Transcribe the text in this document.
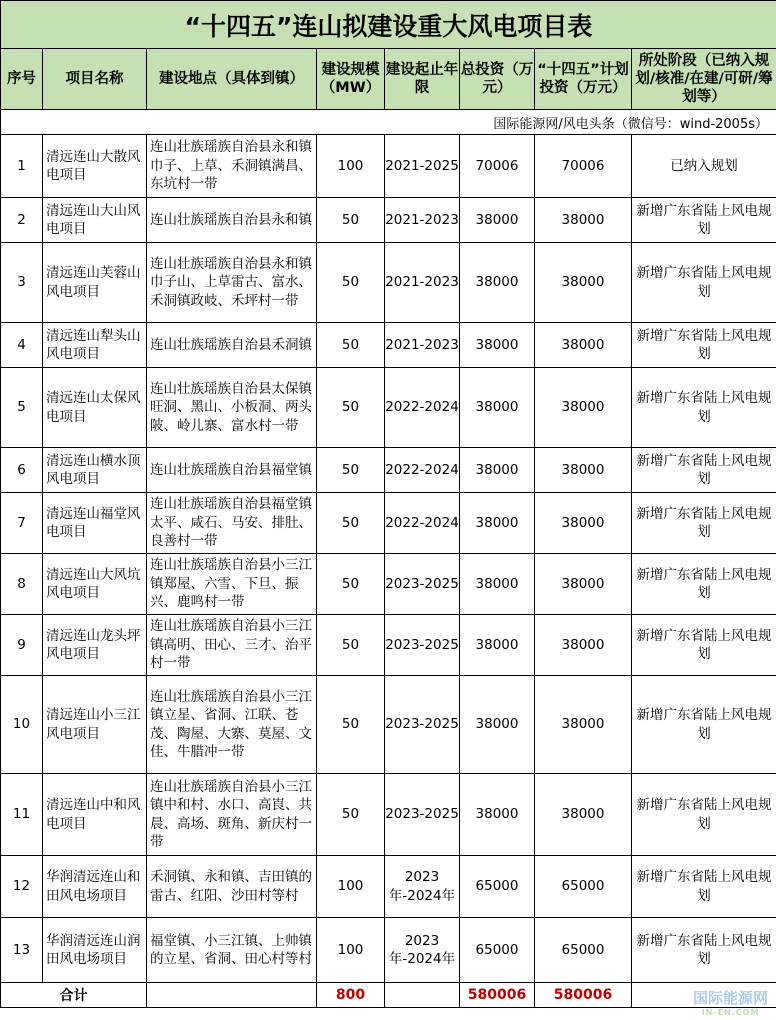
“十四五”连山拟建设重大风电项目表							
序号	项目名称	建设地点（具体到镇）	建设规模（MW）	建设起止年限	总投资（万元）	“十四五”计划投资（万元）	所处阶段（已纳入规划/核准/在建/可研/筹划等）
国际能源网/风电头条（微信号：wind-2005s）							
1	清远连山大散风电项目	连山壮族瑶族自治县永和镇巾子、上草、禾洞镇满昌、东坑村一带	100	2021-2025	70006	70006	已纳入规划
2	清远连山大山风电项目	连山壮族瑶族自治县永和镇	50	2021-2023	38000	38000	新增广东省陆上风电规划
3	清远连山芙蓉山风电项目	连山壮族瑶族自治县永和镇巾子山、上草雷古、富水、禾洞镇政岐、禾坪村一带	50	2021-2023	38000	38000	新增广东省陆上风电规划
4	清远连山犁头山风电项目	连山壮族瑶族自治县禾洞镇	50	2021-2023	38000	38000	新增广东省陆上风电规划
5	清远连山太保风电项目	连山壮族瑶族自治县太保镇旺洞、黑山、小板洞、两头陂、岭儿寨、富水村一带	50	2022-2024	38000	38000	新增广东省陆上风电规划
6	清远连山横水顶风电项目	连山壮族瑶族自治县福堂镇	50	2022-2024	38000	38000	新增广东省陆上风电规划
7	清远连山福堂风电项目	连山壮族瑶族自治县福堂镇太平、咸石、马安、排肚、良善村一带	50	2022-2024	38000	38000	新增广东省陆上风电规划
8	清远连山大风坑风电项目	连山壮族瑶族自治县小三江镇郑屋、六雪、下旦、振兴、鹿鸣村一带	50	2023-2025	38000	38000	新增广东省陆上风电规划
9	清远连山龙头坪风电项目	连山壮族瑶族自治县小三江镇高明、田心、三才、治平村一带	50	2023-2025	38000	38000	新增广东省陆上风电规划
10	清远连山小三江风电项目	连山壮族瑶族自治县小三江镇立星、省洞、江联、苍茂、陶屋、大寨、莫屋、文佳、牛腊冲一带	50	2023-2025	38000	38000	新增广东省陆上风电规划
11	清远连山中和风电项目	连山壮族瑶族自治县小三江镇中和村、水口、高崀、共晨、高场、斑角、新庆村一带	50	2023-2025	38000	38000	新增广东省陆上风电规划
12	华润清远连山和田风电场项目	禾洞镇、永和镇、吉田镇的雷古、红阳、沙田村等村	100	2023年-2024年	65000	65000	新增广东省陆上风电规划
13	华润清远连山润田风电场项目	福堂镇、小三江镇、上帅镇的立星、省洞、田心村等村	100	2023年-2024年	65000	65000	新增广东省陆上风电规划
合计			800		580006	580006		国际能源网
IN-EN.COM
